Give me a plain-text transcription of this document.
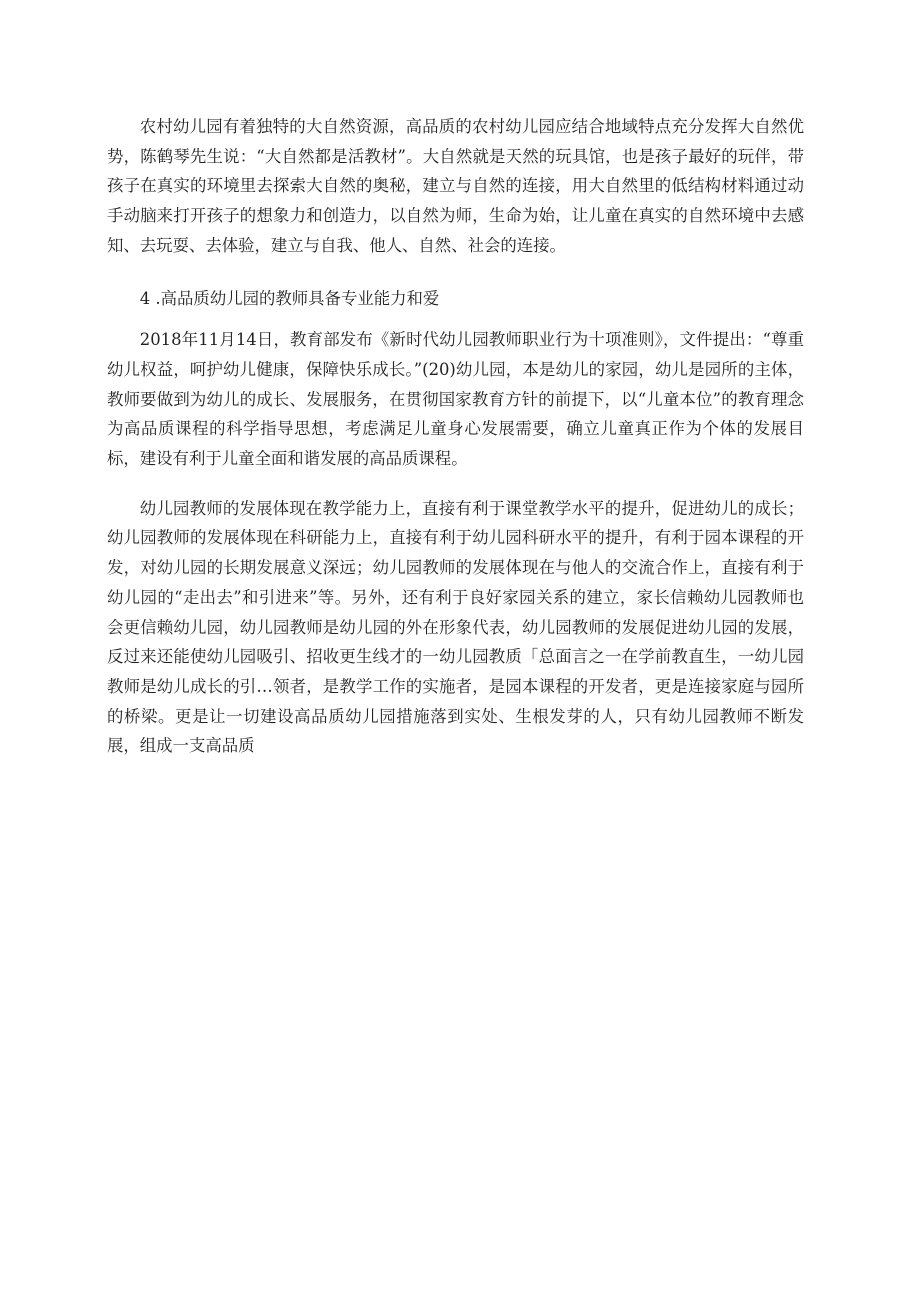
农村幼儿园有着独特的大自然资源，高品质的农村幼儿园应结合地域特点充分发挥大自然优势，陈鹤琴先生说：“大自然都是活教材”。大自然就是天然的玩具馆，也是孩子最好的玩伴，带孩子在真实的环境里去探索大自然的奥秘，建立与自然的连接，用大自然里的低结构材料通过动手动脑来打开孩子的想象力和创造力，以自然为师，生命为始，让儿童在真实的自然环境中去感知、去玩耍、去体验，建立与自我、他人、自然、社会的连接。

4 .高品质幼儿园的教师具备专业能力和爱

2018年11月14日，教育部发布《新时代幼儿园教师职业行为十项准则》，文件提出：“尊重幼儿权益，呵护幼儿健康，保障快乐成长。”(20)幼儿园，本是幼儿的家园，幼儿是园所的主体，教师要做到为幼儿的成长、发展服务，在贯彻国家教育方针的前提下，以“儿童本位”的教育理念为高品质课程的科学指导思想，考虑满足儿童身心发展需要，确立儿童真正作为个体的发展目标，建设有利于儿童全面和谐发展的高品质课程。

幼儿园教师的发展体现在教学能力上，直接有利于课堂教学水平的提升，促进幼儿的成长；幼儿园教师的发展体现在科研能力上，直接有利于幼儿园科研水平的提升，有利于园本课程的开发，对幼儿园的长期发展意义深远；幼儿园教师的发展体现在与他人的交流合作上，直接有利于幼儿园的“走出去”和引进来”等。另外，还有利于良好家园关系的建立，家长信赖幼儿园教师也会更信赖幼儿园，幼儿园教师是幼儿园的外在形象代表，幼儿园教师的发展促进幼儿园的发展，反过来还能使幼儿园吸引、招收更生线才的一幼儿园教质「总面言之一在学前教直生，一幼儿园教师是幼儿成长的引…领者，是教学工作的实施者，是园本课程的开发者，更是连接家庭与园所的桥梁。更是让一切建设高品质幼儿园措施落到实处、生根发芽的人，只有幼儿园教师不断发展，组成一支高品质
